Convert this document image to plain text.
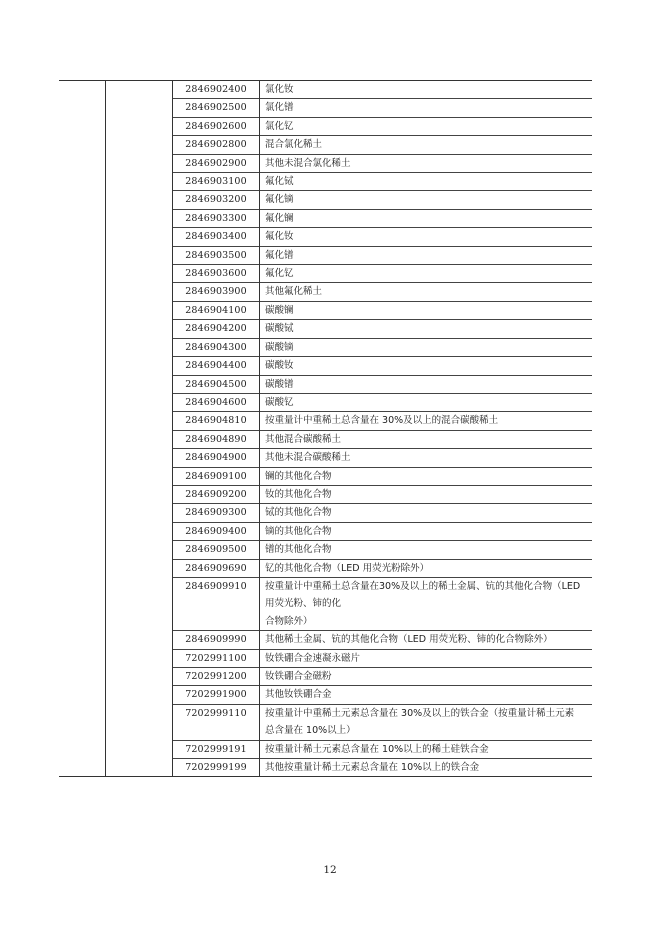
2846902400	氯化钕
2846902500	氯化镨
2846902600	氯化钇
2846902800	混合氯化稀土
2846902900	其他未混合氯化稀土
2846903100	氟化铽
2846903200	氟化镝
2846903300	氟化镧
2846903400	氟化钕
2846903500	氟化镨
2846903600	氟化钇
2846903900	其他氟化稀土
2846904100	碳酸镧
2846904200	碳酸铽
2846904300	碳酸镝
2846904400	碳酸钕
2846904500	碳酸镨
2846904600	碳酸钇
2846904810	按重量计中重稀土总含量在 30%及以上的混合碳酸稀土
2846904890	其他混合碳酸稀土
2846904900	其他未混合碳酸稀土
2846909100	镧的其他化合物
2846909200	钕的其他化合物
2846909300	铽的其他化合物
2846909400	镝的其他化合物
2846909500	镨的其他化合物
2846909690	钇的其他化合物（LED 用荧光粉除外）
2846909910	按重量计中重稀土总含量在30%及以上的稀土金属、钪的其他化合物（LED
用荧光粉、铈的化
合物除外）
2846909990	其他稀土金属、钪的其他化合物（LED 用荧光粉、铈的化合物除外）
7202991100	钕铁硼合金速凝永磁片
7202991200	钕铁硼合金磁粉
7202991900	其他钕铁硼合金
7202999110	按重量计中重稀土元素总含量在 30%及以上的铁合金（按重量计稀土元素
总含量在 10%以上）
7202999191	按重量计稀土元素总含量在 10%以上的稀土硅铁合金
7202999199	其他按重量计稀土元素总含量在 10%以上的铁合金
12
